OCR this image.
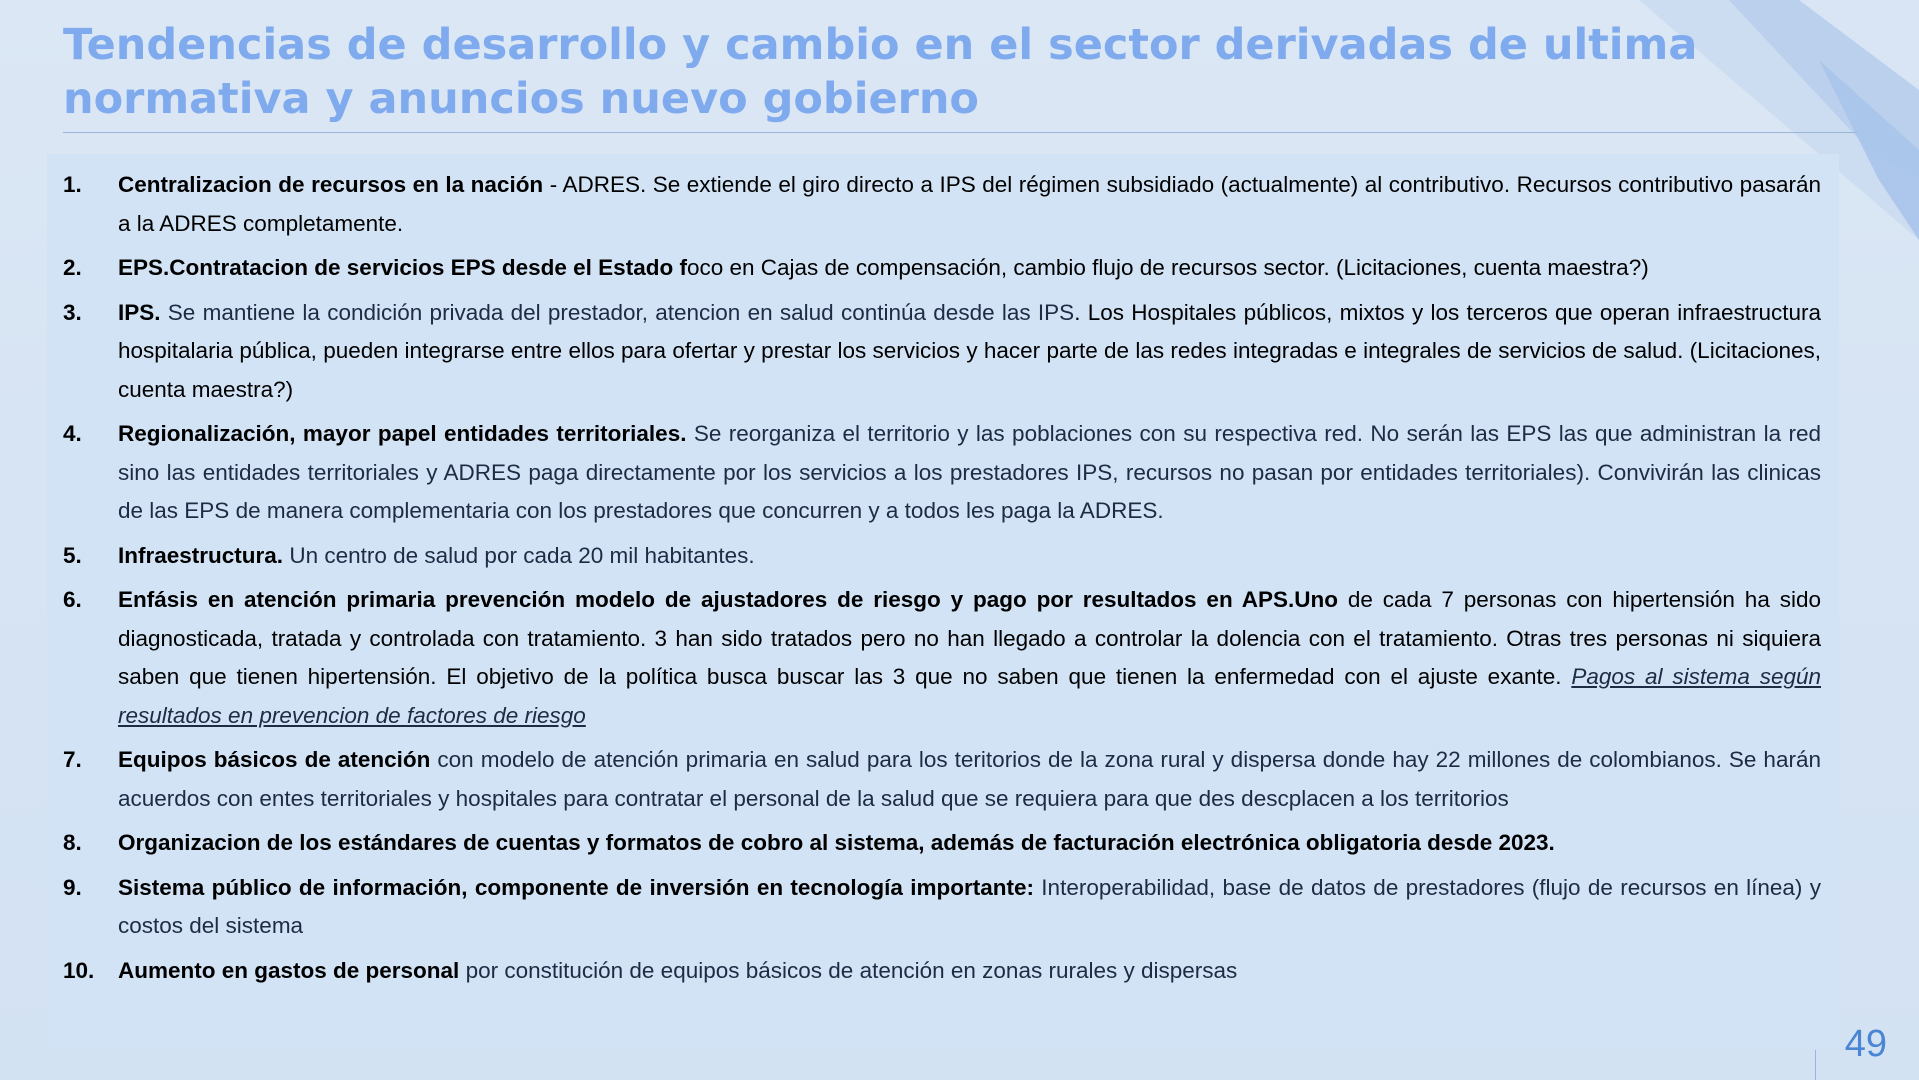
Tendencias de desarrollo y cambio en el sector derivadas de ultima normativa y anuncios nuevo gobierno
1. Centralizacion de recursos en la nación - ADRES. Se extiende el giro directo a IPS del régimen subsidiado (actualmente) al contributivo. Recursos contributivo pasarán a la ADRES completamente.
2. EPS.Contratacion de servicios EPS desde el Estado foco en Cajas de compensación, cambio flujo de recursos sector. (Licitaciones, cuenta maestra?)
3. IPS. Se mantiene la condición privada del prestador, atencion en salud continúa desde las IPS. Los Hospitales públicos, mixtos y los terceros que operan infraestructura hospitalaria pública, pueden integrarse entre ellos para ofertar y prestar los servicios y hacer parte de las redes integradas e integrales de servicios de salud. (Licitaciones, cuenta maestra?)
4. Regionalización, mayor papel entidades territoriales. Se reorganiza el territorio y las poblaciones con su respectiva red. No serán las EPS las que administran la red sino las entidades territoriales y ADRES paga directamente por los servicios a los prestadores IPS, recursos no pasan por entidades territoriales). Convivirán las clinicas de las EPS de manera complementaria con los prestadores que concurren y a todos les paga la ADRES.
5. Infraestructura. Un centro de salud por cada 20 mil habitantes.
6. Enfásis en atención primaria prevención modelo de ajustadores de riesgo y pago por resultados en APS.Uno de cada 7 personas con hipertensión ha sido diagnosticada, tratada y controlada con tratamiento. 3 han sido tratados pero no han llegado a controlar la dolencia con el tratamiento. Otras tres personas ni siquiera saben que tienen hipertensión. El objetivo de la política busca buscar las 3 que no saben que tienen la enfermedad con el ajuste exante. Pagos al sistema según resultados en prevencion de factores de riesgo
7. Equipos básicos de atención con modelo de atención primaria en salud para los teritorios de la zona rural y dispersa donde hay 22 millones de colombianos. Se harán acuerdos con entes territoriales y hospitales para contratar el personal de la salud que se requiera para que des descplacen a los territorios
8. Organizacion de los estándares de cuentas y formatos de cobro al sistema, además de facturación electrónica obligatoria desde 2023.
9. Sistema público de información, componente de inversión en tecnología importante: Interoperabilidad, base de datos de prestadores (flujo de recursos en línea) y costos del sistema
10. Aumento en gastos de personal por constitución de equipos básicos de atención en zonas rurales y dispersas
49
